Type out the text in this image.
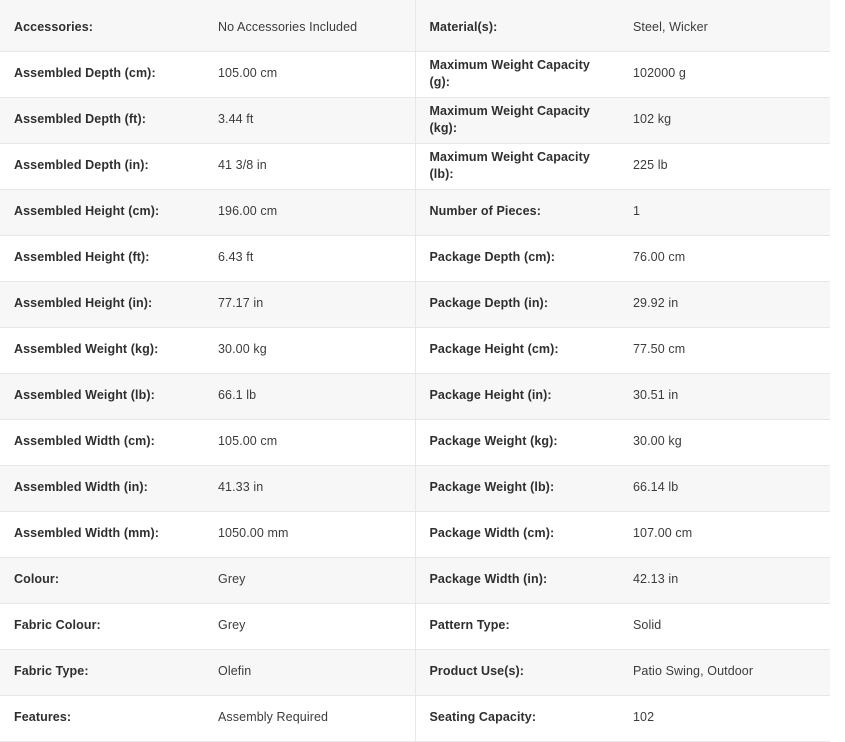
Accessories:	No Accessories Included	Material(s):	Steel, Wicker
Assembled Depth (cm):	105.00 cm	Maximum Weight Capacity (g):	102000 g
Assembled Depth (ft):	3.44 ft	Maximum Weight Capacity (kg):	102 kg
Assembled Depth (in):	41 3/8 in	Maximum Weight Capacity (lb):	225 lb
Assembled Height (cm):	196.00 cm	Number of Pieces:	1
Assembled Height (ft):	6.43 ft	Package Depth (cm):	76.00 cm
Assembled Height (in):	77.17 in	Package Depth (in):	29.92 in
Assembled Weight (kg):	30.00 kg	Package Height (cm):	77.50 cm
Assembled Weight (lb):	66.1 lb	Package Height (in):	30.51 in
Assembled Width (cm):	105.00 cm	Package Weight (kg):	30.00 kg
Assembled Width (in):	41.33 in	Package Weight (lb):	66.14 lb
Assembled Width (mm):	1050.00 mm	Package Width (cm):	107.00 cm
Colour:	Grey	Package Width (in):	42.13 in
Fabric Colour:	Grey	Pattern Type:	Solid
Fabric Type:	Olefin	Product Use(s):	Patio Swing, Outdoor
Features:	Assembly Required	Seating Capacity:	102
